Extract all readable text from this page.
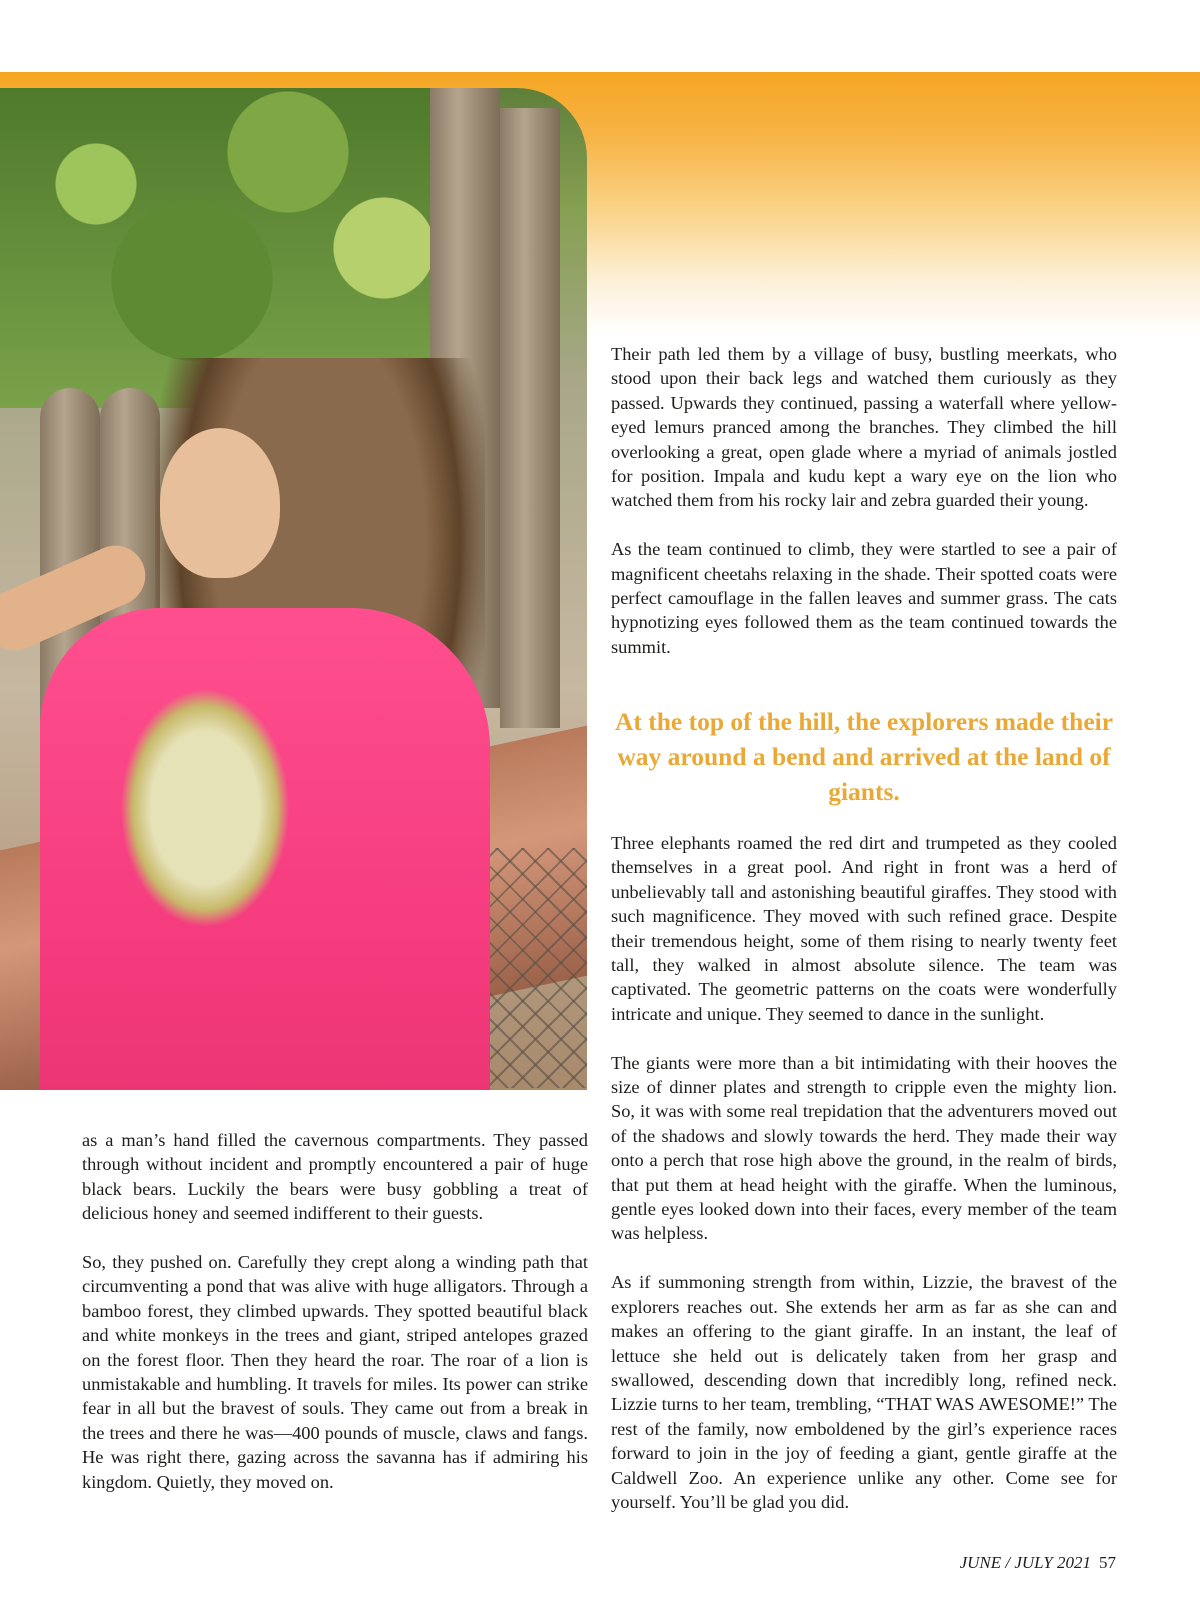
Their path led them by a village of busy, bustling meerkats, who stood upon their back legs and watched them curiously as they passed. Upwards they continued, passing a waterfall where yellow-eyed lemurs pranced among the branches. They climbed the hill overlooking a great, open glade where a myriad of animals jostled for position. Impala and kudu kept a wary eye on the lion who watched them from his rocky lair and zebra guarded their young.

As the team continued to climb, they were startled to see a pair of magnificent cheetahs relaxing in the shade. Their spotted coats were perfect camouflage in the fallen leaves and summer grass. The cats hypnotizing eyes followed them as the team continued towards the summit.

At the top of the hill, the explorers made their way around a bend and arrived at the land of giants.

Three elephants roamed the red dirt and trumpeted as they cooled themselves in a great pool. And right in front was a herd of unbelievably tall and astonishing beautiful giraffes. They stood with such magnificence. They moved with such refined grace. Despite their tremendous height, some of them rising to nearly twenty feet tall, they walked in almost absolute silence. The team was captivated. The geometric patterns on the coats were wonderfully intricate and unique. They seemed to dance in the sunlight.

The giants were more than a bit intimidating with their hooves the size of dinner plates and strength to cripple even the mighty lion. So, it was with some real trepidation that the adventurers moved out of the shadows and slowly towards the herd. They made their way onto a perch that rose high above the ground, in the realm of birds, that put them at head height with the giraffe. When the luminous, gentle eyes looked down into their faces, every member of the team was helpless.

As if summoning strength from within, Lizzie, the bravest of the explorers reaches out. She extends her arm as far as she can and makes an offering to the giant giraffe. In an instant, the leaf of lettuce she held out is delicately taken from her grasp and swallowed, descending down that incredibly long, refined neck. Lizzie turns to her team, trembling, “THAT WAS AWESOME!” The rest of the family, now emboldened by the girl’s experience races forward to join in the joy of feeding a giant, gentle giraffe at the Caldwell Zoo. An experience unlike any other. Come see for yourself. You’ll be glad you did.

as a man’s hand filled the cavernous compartments. They passed through without incident and promptly encountered a pair of huge black bears. Luckily the bears were busy gobbling a treat of delicious honey and seemed indifferent to their guests.

So, they pushed on. Carefully they crept along a winding path that circumventing a pond that was alive with huge alligators. Through a bamboo forest, they climbed upwards. They spotted beautiful black and white monkeys in the trees and giant, striped antelopes grazed on the forest floor. Then they heard the roar. The roar of a lion is unmistakable and humbling. It travels for miles. Its power can strike fear in all but the bravest of souls. They came out from a break in the trees and there he was—400 pounds of muscle, claws and fangs. He was right there, gazing across the savanna has if admiring his kingdom. Quietly, they moved on.

JUNE / JULY 2021 57
